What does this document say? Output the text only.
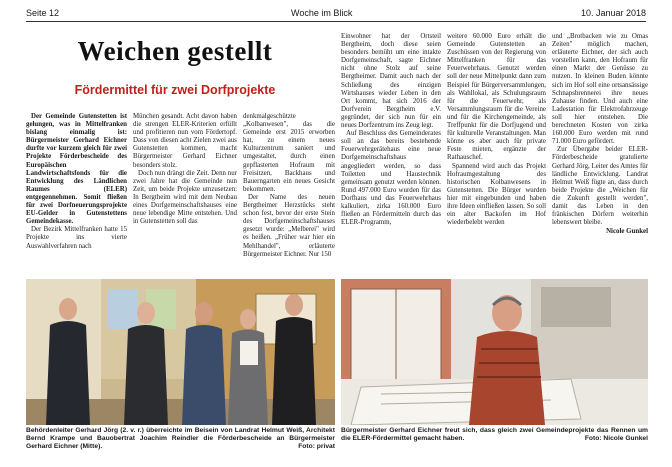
Seite 12	Woche im Blick	10. Januar 2018
Weichen gestellt
Fördermittel für zwei Dorfprojekte

Der Gemeinde Gutenstetten ist gelungen, was in Mittelfranken bislang einmalig ist: Bürgermeister Gerhard Eichner durfte vor kurzem gleich für zwei Projekte Förderbescheide des Europäischen Landwirtschaftsfonds für die Entwicklung des Ländlichen Raumes (ELER) entgegennehmen. Somit fließen für zwei Dorfneuerungsprojekte EU-Gelder in Gutenstettens Gemeindekasse.

Der Bezirk Mittelfranken hatte 15 Projekte ins vierte Auswahlverfahren nach

München gesandt. Acht davon haben die strengen ELER-Kriterien erfüllt und profitieren nun vom Fördertopf. Dass von diesen acht Zielen zwei aus Gutenstetten kommen, macht Bürgermeister Gerhard Eichner besonders stolz.

Doch nun drängt die Zeit. Denn nur zwei Jahre hat die Gemeinde nun Zeit, um beide Projekte umzusetzen: In Bergtheim wird mit dem Neubau eines Dorfgemeinschaftshauses eine neue lebendige Mitte entstehen. Und in Gutenstetten soll das

denkmalgeschützte „Kolbanwesen", das die Gemeinde erst 2015 erworben hat, zu einem neues Kulturzentrum saniert und umgestaltet, durch einen gepflasterten Hofraum mit Freisitzen, Backhaus und Bauerngarten ein neues Gesicht bekommen.

Der Name des neuen Bergtheimer Herzstücks steht schon fest, bevor der erste Stein des Dorfgemeinschaftshauses gesetzt wurde: „Melberei" wird es heißen. „Früher war hier ein Mehlhandel", erläuterte Bürgermeister Eichner. Nur 150

Einwohner hat der Ortsteil Bergtheim, doch diese seien besonders bemüht um eine intakte Dorfgemeinschaft, sagte Eichner nicht ohne Stolz auf seine Bergtheimer. Damit auch nach der Schließung des einzigen Wirtshauses wieder Leben in den Ort kommt, hat sich 2016 der Dorfverein Bergtheim e.V. gegründet, der sich nun für ein neues Dorfzentrum ins Zeug legt.

Auf Beschluss des Gemeinderates soll an das bereits bestehende Feuerwehrgerätehaus eine neue Dorfgemeinschaftshaus angegliedert werden, so dass Toiletten und Haustechnik gemeinsam genutzt werden können. Rund 497.000 Euro wurden für das Dorfhaus und das Feuerwehrhaus kalkuliert, zirka 160.000 Euro fließen an Fördermitteln durch das ELER-Programm,

weitere 60.000 Euro erhält die Gemeinde Gutenstetten an Zuschüssen von der Regierung von Mittelfranken für das Feuerwehrhaus. Genutzt werden soll der neue Mittelpunkt dann zum Beispiel für Bürgerversammlungen, als Wahllokal, als Schulungsraum für die Feuerwehr, als Versammlungsraum für die Vereine und für die Kirchengemeinde, als Treffpunkt für die Dorfjugend und für kulturelle Veranstaltungen. Man könne es aber auch für private Feste mieten, ergänzte der Rathauschef.

Spannend wird auch das Projekt Hofraumgestaltung des historischen Kolbanwesens in Gutenstetten. Die Bürger wurden hier mit eingebunden und haben ihre Ideen einfließen lassen. So soll ein alter Backofen im Hof wiederbelebt werden

und „Brotbacken wie zu Omas Zeiten" möglich machen, erläuterte Eichner, der sich auch vorstellen kann, den Hofraum für einen Markt der Genüsse zu nutzen. In kleinen Buden könnte sich im Hof soll eine ortsansässige Schnapsbrennerei ihre neues Zuhause finden. Und auch eine Ladestation für Elektrofahrzeuge soll hier entstehen. Die berechneten Kosten von zirka 160.000 Euro werden mit rund 71.000 Euro gefördert.

Zur Übergabe beider ELER-Förderbescheide gratulierte Gerhard Jörg, Leiter des Amtes für ländliche Entwicklung. Landrat Helmut Weiß fügte an, dass durch beide Projekte die „Weichen für die Zukunft gestellt werden", damit das Leben in den fränkischen Dörfern weiterhin lebenswert bleibe.

Nicole Gunkel
Behördenleiter Gerhard Jörg (2. v. r.) überreichte im Beisein von Landrat Helmut Weiß, Architekt Bernd Krampe und Bauobertrat Joachim Reindler die Förderbescheide an Bürgermeister Gerhard Eichner (Mitte).	Foto: privat
Bürgermeister Gerhard Eichner freut sich, dass gleich zwei Gemeindeprojekte das Rennen um die ELER-Fördermittel gemacht haben.	Foto: Nicole Gunkel
